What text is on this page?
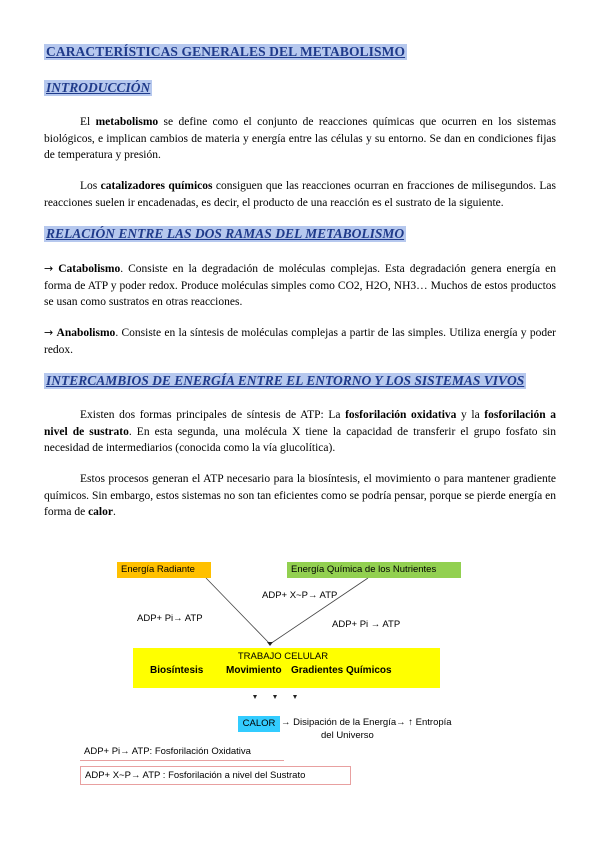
CARACTERÍSTICAS GENERALES DEL METABOLISMO
INTRODUCCIÓN

El metabolismo se define como el conjunto de reacciones químicas que ocurren en los sistemas biológicos, e implican cambios de materia y energía entre las células y su entorno. Se dan en condiciones fijas de temperatura y presión.

Los catalizadores químicos consiguen que las reacciones ocurran en fracciones de milisegundos. Las reacciones suelen ir encadenadas, es decir, el producto de una reacción es el sustrato de la siguiente.

RELACIÓN ENTRE LAS DOS RAMAS DEL METABOLISMO

→ Catabolismo. Consiste en la degradación de moléculas complejas. Esta degradación genera energía en forma de ATP y poder redox. Produce moléculas simples como CO2, H2O, NH3… Muchos de estos productos se usan como sustratos en otras reacciones.

→ Anabolismo. Consiste en la síntesis de moléculas complejas a partir de las simples. Utiliza energía y poder redox.

INTERCAMBIOS DE ENERGÍA ENTRE EL ENTORNO Y LOS SISTEMAS VIVOS

Existen dos formas principales de síntesis de ATP: La fosforilación oxidativa y la fosforilación a nivel de sustrato. En esta segunda, una molécula X tiene la capacidad de transferir el grupo fosfato sin necesidad de intermediarios (conocida como la vía glucolítica).

Estos procesos generan el ATP necesario para la biosíntesis, el movimiento o para mantener gradiente químicos. Sin embargo, estos sistemas no son tan eficientes como se podría pensar, porque se pierde energía en forma de calor.

Energía Radiante	Energía Química de los Nutrientes
ADP+ X~P→ ATP
ADP+ Pi→ ATP
ADP+ Pi → ATP
TRABAJO CELULAR
Biosíntesis Movimiento Gradientes Químicos
CALOR → Disipación de la Energía→ ↑ Entropía
del Universo
ADP+ Pi→ ATP: Fosforilación Oxidativa
ADP+ X~P→ ATP : Fosforilación a nivel del Sustrato
